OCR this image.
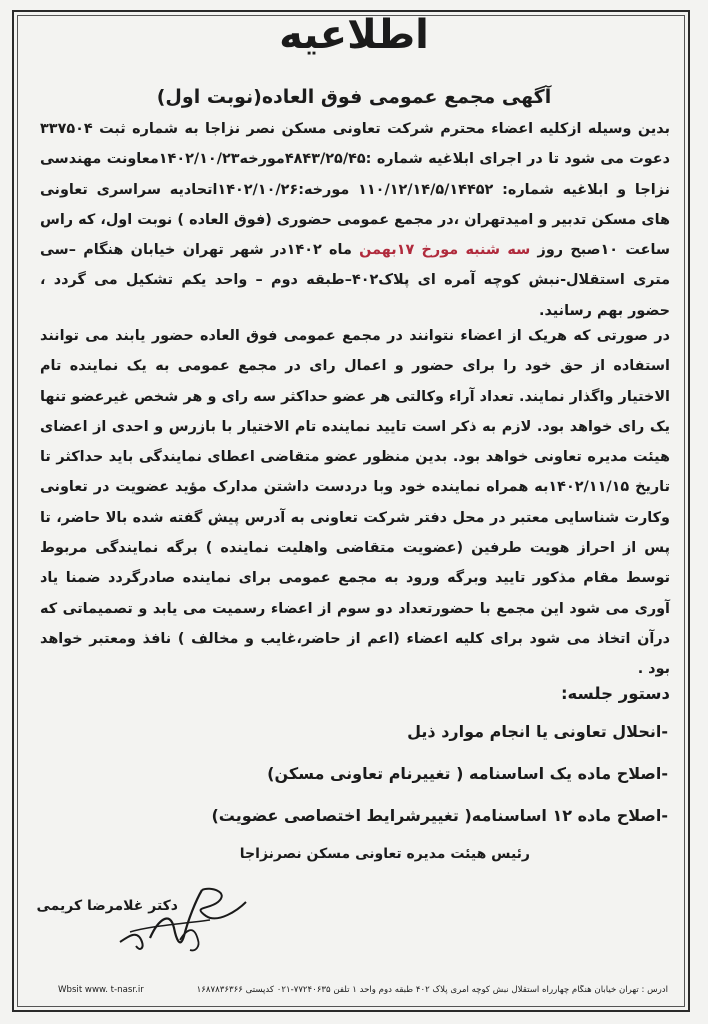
اطلاعیه
آگهی مجمع عمومی فوق العاده(نوبت اول)
بدین وسیله ازکلیه اعضاء محترم شرکت تعاونی مسکن نصر نزاجا به شماره ثبت ۳۳۷۵۰۴ دعوت می شود تا در اجرای ابلاغیه شماره :۴۸۴۳/۲۵/۴۵مورخه۱۴۰۲/۱۰/۲۳معاونت مهندسی نزاجا و ابلاغیه شماره: ۱۱۰/۱۲/۱۴/۵/۱۴۴۵۲ مورخه:۱۴۰۲/۱۰/۲۶اتحادیه سراسری تعاونی های مسکن تدبیر و امیدتهران ،در مجمع عمومی حضوری (فوق العاده ) نوبت اول، که راس ساعت ۱۰صبح روز سه شنبه مورخ ۱۷بهمن ماه ۱۴۰۲در شهر تهران خیابان هنگام –سی متری استقلال-نبش کوچه آمره ای پلاک۴۰۲–طبقه دوم – واحد یکم تشکیل می گردد ، حضور بهم رسانید.
در صورتی که هریک از اعضاء نتوانند در مجمع عمومی فوق العاده حضور یابند می توانند استفاده از حق خود را برای حضور و اعمال رای در مجمع عمومی به یک نماینده تام الاختیار واگذار نمایند. تعداد آراء وکالتی هر عضو حداکثر سه رای و هر شخص غیرعضو تنها یک رای خواهد بود. لازم به ذکر است تایید نماینده تام الاختیار با بازرس و احدی از اعضای هیئت مدیره تعاونی خواهد بود. بدین منظور عضو متقاضی اعطای نمایندگی باید حداکثر تا تاریخ ۱۴۰۲/۱۱/۱۵به همراه نماینده خود وبا دردست داشتن مدارک مؤید عضویت در تعاونی وکارت شناسایی معتبر در محل دفتر شرکت تعاونی به آدرس پیش گفته شده بالا حاضر، تا پس از احراز هویت طرفین (عضویت متقاضی واهلیت نماینده ) برگه نمایندگی مربوط توسط مقام مذکور تایید وبرگه ورود به مجمع عمومی برای نماینده صادرگردد ضمنا یاد آوری می شود این مجمع با حضورتعداد دو سوم از اعضاء رسمیت می یابد و تصمیماتی که درآن اتخاذ می شود برای کلیه اعضاء (اعم از حاضر،غایب و مخالف ) نافذ ومعتبر خواهد بود .
دستور جلسه:
-انحلال تعاونی یا انجام موارد ذیل
-اصلاح ماده یک اساسنامه ( تغییرنام تعاونی مسکن)
-اصلاح ماده ۱۲ اساسنامه( تغییرشرایط اختصاصی عضویت)
رئیس هیئت مدیره تعاونی مسکن نصرنزاجا
دکتر غلامرضا کریمی
آدرس : تهران خیابان هنگام چهارراه استقلال نبش کوچه آمری پلاک ۴۰۲ طبقه دوم واحد ۱ تلفن ۷۷۲۴۰۶۳۵-۰۲۱ کدپستی ۱۶۸۷۸۳۶۳۶۶
Wbsit www. t-nasr.ir
